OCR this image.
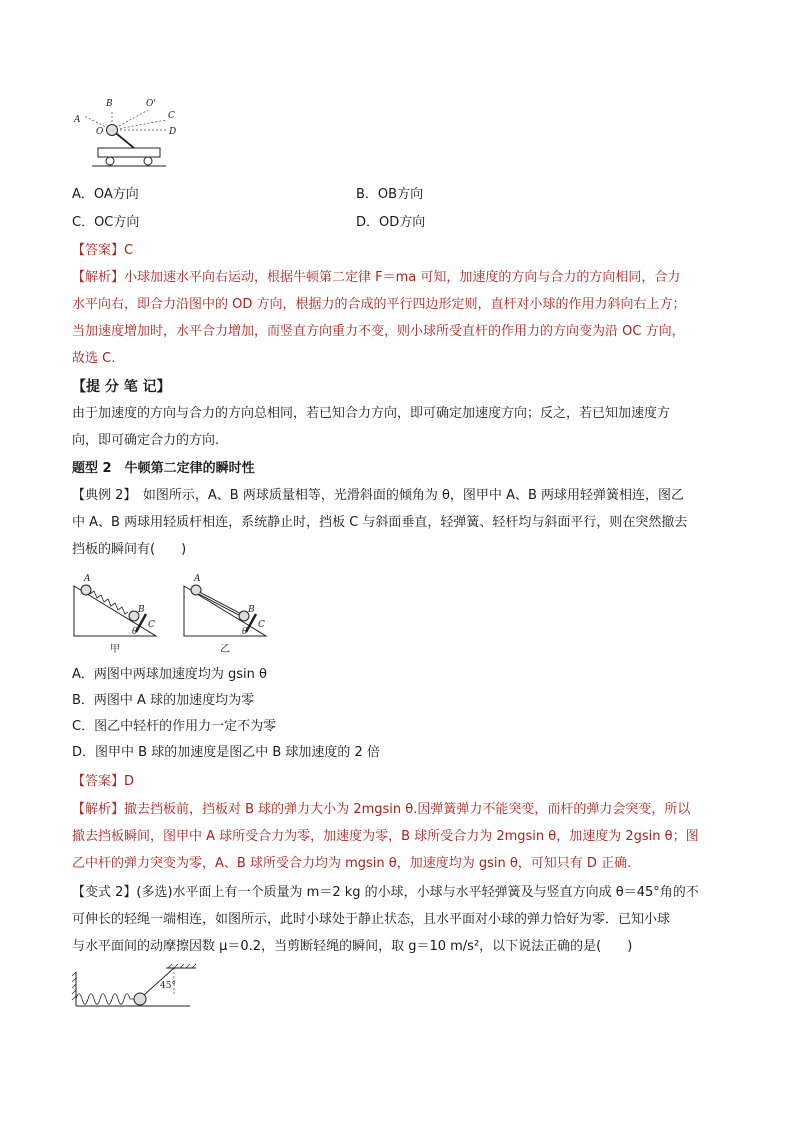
A
B	O'
C
O	D
A．OA方向	B．OB方向
C．OC方向	D．OD方向
【答案】C
【解析】小球加速水平向右运动，根据牛顿第二定律 F＝ma 可知，加速度的方向与合力的方向相同，合力
水平向右，即合力沿图中的 OD 方向，根据力的合成的平行四边形定则，直杆对小球的作用力斜向右上方；
当加速度增加时，水平合力增加，而竖直方向重力不变，则小球所受直杆的作用力的方向变为沿 OC 方向，
故选 C.
【提 分 笔 记】
由于加速度的方向与合力的方向总相同，若已知合力方向，即可确定加速度方向；反之，若已知加速度方
向，即可确定合力的方向.
题型 2　牛顿第二定律的瞬时性
【典例 2】　如图所示，A、B 两球质量相等，光滑斜面的倾角为 θ，图甲中 A、B 两球用轻弹簧相连，图乙
中 A、B 两球用轻质杆相连，系统静止时，挡板 C 与斜面垂直，轻弹簧、轻杆均与斜面平行，则在突然撤去
挡板的瞬间有(　　)
A
B
C
θ
甲
A
B
C
θ
乙
A．两图中两球加速度均为 gsin θ
B．两图中 A 球的加速度均为零
C．图乙中轻杆的作用力一定不为零
D．图甲中 B 球的加速度是图乙中 B 球加速度的 2 倍
【答案】D
【解析】撤去挡板前，挡板对 B 球的弹力大小为 2mgsin θ.因弹簧弹力不能突变，而杆的弹力会突变，所以
撤去挡板瞬间，图甲中 A 球所受合力为零，加速度为零，B 球所受合力为 2mgsin θ，加速度为 2gsin θ；图
乙中杆的弹力突变为零，A、B 球所受合力均为 mgsin θ，加速度均为 gsin θ，可知只有 D 正确.
【变式 2】(多选)水平面上有一个质量为 m＝2 kg 的小球，小球与水平轻弹簧及与竖直方向成 θ＝45°角的不
可伸长的轻绳一端相连，如图所示，此时小球处于静止状态，且水平面对小球的弹力恰好为零．已知小球
与水平面间的动摩擦因数 μ＝0.2，当剪断轻绳的瞬间，取 g＝10 m/s²，以下说法正确的是(　　)
45°
